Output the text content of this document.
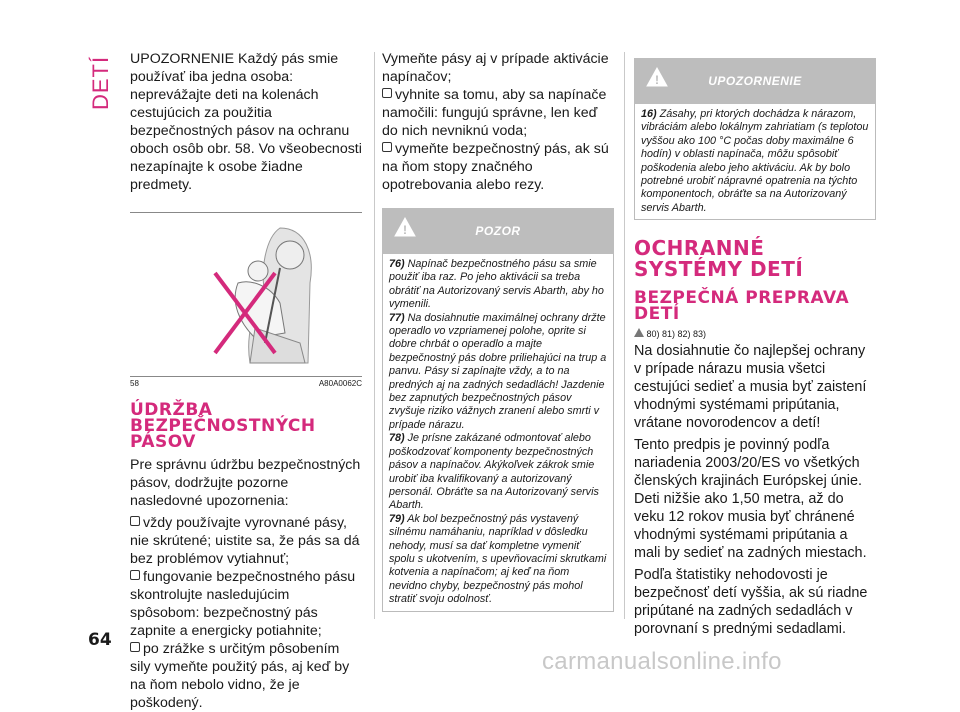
DETÍ
64

UPOZORNENIE Každý pás smie používať iba jedna osoba: neprevážajte deti na kolenách cestujúcich za použitia bezpečnostných pásov na ochranu oboch osôb obr. 58. Vo všeobecnosti nezapínajte k osobe žiadne predmety.

58	A80A0062C
ÚDRŽBA BEZPEČNOSTNÝCH PÁSOV

Pre správnu údržbu bezpečnostných pásov, dodržujte pozorne nasledovné upozornenia:

vždy používajte vyrovnané pásy, nie skrútené; uistite sa, že pás sa dá bez problémov vytiahnuť;

fungovanie bezpečnostného pásu skontrolujte nasledujúcim spôsobom: bezpečnostný pás zapnite a energicky potiahnite;

po zrážke s určitým pôsobením sily vymeňte použitý pás, aj keď by na ňom nebolo vidno, že je poškodený.

Vymeňte pásy aj v prípade aktivácie napínačov;

vyhnite sa tomu, aby sa napínače namočili: fungujú správne, len keď do nich nevniknú voda;

vymeňte bezpečnostný pás, ak sú na ňom stopy značného opotrebovania alebo rezy.

!	POZOR

76) Napínač bezpečnostného pásu sa smie použiť iba raz. Po jeho aktivácii sa treba obrátiť na Autorizovaný servis Abarth, aby ho vymenili.

77) Na dosiahnutie maximálnej ochrany držte operadlo vo vzpriamenej polohe, oprite si dobre chrbát o operadlo a majte bezpečnostný pás dobre priliehajúci na trup a panvu. Pásy si zapínajte vždy, a to na predných aj na zadných sedadlách! Jazdenie bez zapnutých bezpečnostných pásov zvyšuje riziko vážnych zranení alebo smrti v prípade nárazu.

78) Je prísne zakázané odmontovať alebo poškodzovať komponenty bezpečnostných pásov a napínačov. Akýkoľvek zákrok smie urobiť iba kvalifikovaný a autorizovaný personál. Obráťte sa na Autorizovaný servis Abarth.

79) Ak bol bezpečnostný pás vystavený silnému namáhaniu, napríklad v dôsledku nehody, musí sa dať kompletne vymeniť spolu s ukotvením, s upevňovacími skrutkami kotvenia a napínačom; aj keď na ňom nevidno chyby, bezpečnostný pás mohol stratiť svoju odolnosť.

!	UPOZORNENIE

16) Zásahy, pri ktorých dochádza k nárazom, vibráciám alebo lokálnym zahriatiam (s teplotou vyššou ako 100 °C počas doby maximálne 6 hodín) v oblasti napínača, môžu spôsobiť poškodenia alebo jeho aktiváciu. Ak by bolo potrebné urobiť nápravné opatrenia na týchto komponentoch, obráťte sa na Autorizovaný servis Abarth.

OCHRANNÉ SYSTÉMY DETÍ
BEZPEČNÁ PREPRAVA DETÍ
80) 81) 82) 83)

Na dosiahnutie čo najlepšej ochrany v prípade nárazu musia všetci cestujúci sedieť a musia byť zaistení vhodnými systémami pripútania, vrátane novorodencov a detí!

Tento predpis je povinný podľa nariadenia 2003/20/ES vo všetkých členských krajinách Európskej únie. Deti nižšie ako 1,50 metra, až do veku 12 rokov musia byť chránené vhodnými systémami pripútania a mali by sedieť na zadných miestach.

Podľa štatistiky nehodovosti je bezpečnosť detí vyššia, ak sú riadne pripútané na zadných sedadlách v porovnaní s prednými sedadlami.

carmanualsonline.info
